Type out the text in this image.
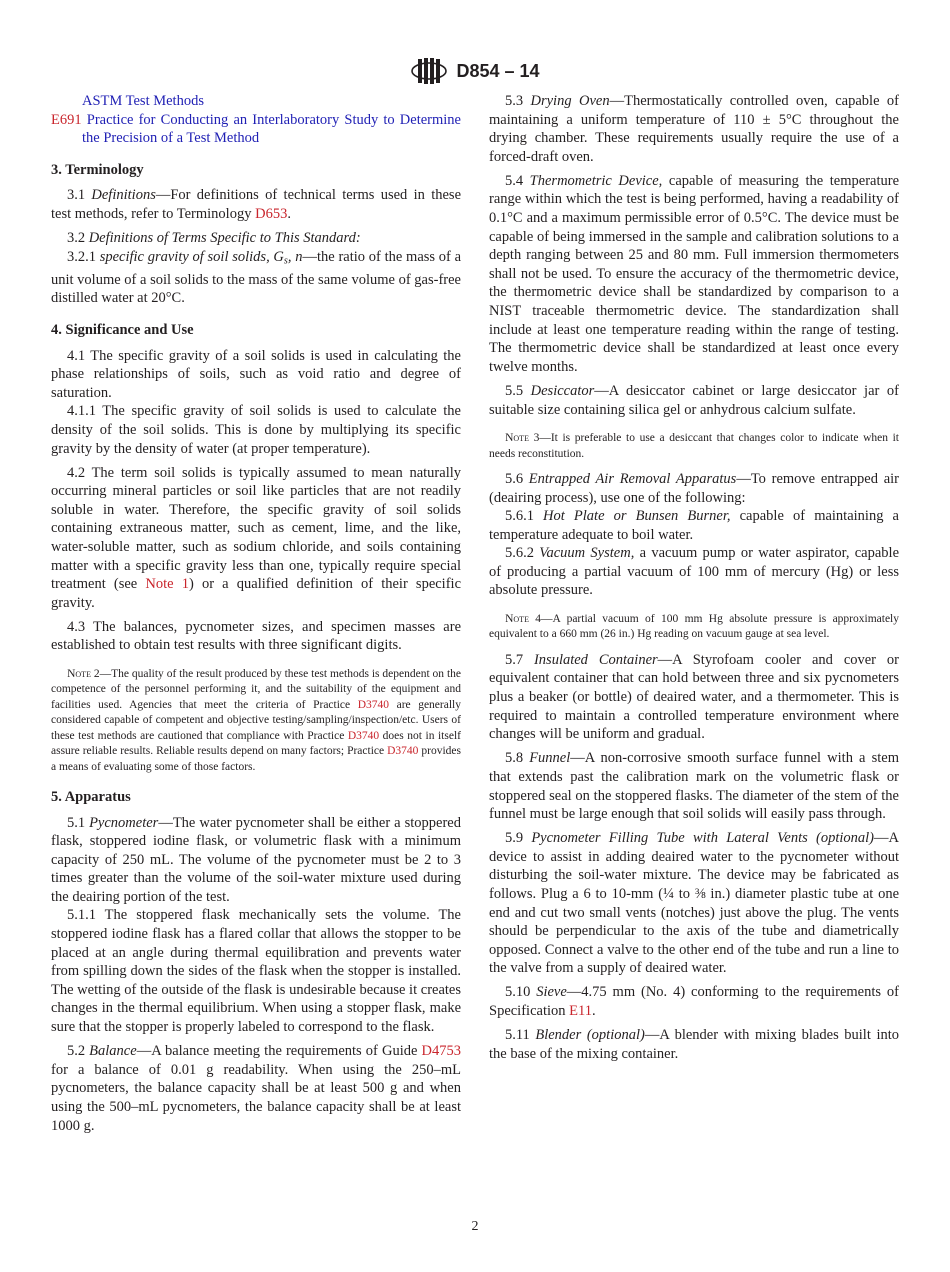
D854 – 14

ASTM Test Methods

E691 Practice for Conducting an Interlaboratory Study to Determine the Precision of a Test Method

3. Terminology

3.1 Definitions—For definitions of technical terms used in these test methods, refer to Terminology D653.

3.2 Definitions of Terms Specific to This Standard:

3.2.1 specific gravity of soil solids, Gs, n—the ratio of the mass of a unit volume of a soil solids to the mass of the same volume of gas-free distilled water at 20°C.

4. Significance and Use

4.1 The specific gravity of a soil solids is used in calculating the phase relationships of soils, such as void ratio and degree of saturation.

4.1.1 The specific gravity of soil solids is used to calculate the density of the soil solids. This is done by multiplying its specific gravity by the density of water (at proper temperature).

4.2 The term soil solids is typically assumed to mean naturally occurring mineral particles or soil like particles that are not readily soluble in water. Therefore, the specific gravity of soil solids containing extraneous matter, such as cement, lime, and the like, water-soluble matter, such as sodium chloride, and soils containing matter with a specific gravity less than one, typically require special treatment (see Note 1) or a qualified definition of their specific gravity.

4.3 The balances, pycnometer sizes, and specimen masses are established to obtain test results with three significant digits.

Note 2—The quality of the result produced by these test methods is dependent on the competence of the personnel performing it, and the suitability of the equipment and facilities used. Agencies that meet the criteria of Practice D3740 are generally considered capable of competent and objective testing/sampling/inspection/etc. Users of these test methods are cautioned that compliance with Practice D3740 does not in itself assure reliable results. Reliable results depend on many factors; Practice D3740 provides a means of evaluating some of those factors.

5. Apparatus

5.1 Pycnometer—The water pycnometer shall be either a stoppered flask, stoppered iodine flask, or volumetric flask with a minimum capacity of 250 mL. The volume of the pycnometer must be 2 to 3 times greater than the volume of the soil-water mixture used during the deairing portion of the test.

5.1.1 The stoppered flask mechanically sets the volume. The stoppered iodine flask has a flared collar that allows the stopper to be placed at an angle during thermal equilibration and prevents water from spilling down the sides of the flask when the stopper is installed. The wetting of the outside of the flask is undesirable because it creates changes in the thermal equilibrium. When using a stopper flask, make sure that the stopper is properly labeled to correspond to the flask.

5.2 Balance—A balance meeting the requirements of Guide D4753 for a balance of 0.01 g readability. When using the 250–mL pycnometers, the balance capacity shall be at least 500 g and when using the 500–mL pycnometers, the balance capacity shall be at least 1000 g.

5.3 Drying Oven—Thermostatically controlled oven, capable of maintaining a uniform temperature of 110 ± 5°C throughout the drying chamber. These requirements usually require the use of a forced-draft oven.

5.4 Thermometric Device, capable of measuring the temperature range within which the test is being performed, having a readability of 0.1°C and a maximum permissible error of 0.5°C. The device must be capable of being immersed in the sample and calibration solutions to a depth ranging between 25 and 80 mm. Full immersion thermometers shall not be used. To ensure the accuracy of the thermometric device, the thermometric device shall be standardized by comparison to a NIST traceable thermometric device. The standardization shall include at least one temperature reading within the range of testing. The thermometric device shall be standardized at least once every twelve months.

5.5 Desiccator—A desiccator cabinet or large desiccator jar of suitable size containing silica gel or anhydrous calcium sulfate.

Note 3—It is preferable to use a desiccant that changes color to indicate when it needs reconstitution.

5.6 Entrapped Air Removal Apparatus—To remove entrapped air (deairing process), use one of the following:

5.6.1 Hot Plate or Bunsen Burner, capable of maintaining a temperature adequate to boil water.

5.6.2 Vacuum System, a vacuum pump or water aspirator, capable of producing a partial vacuum of 100 mm of mercury (Hg) or less absolute pressure.

Note 4—A partial vacuum of 100 mm Hg absolute pressure is approximately equivalent to a 660 mm (26 in.) Hg reading on vacuum gauge at sea level.

5.7 Insulated Container—A Styrofoam cooler and cover or equivalent container that can hold between three and six pycnometers plus a beaker (or bottle) of deaired water, and a thermometer. This is required to maintain a controlled temperature environment where changes will be uniform and gradual.

5.8 Funnel—A non-corrosive smooth surface funnel with a stem that extends past the calibration mark on the volumetric flask or stoppered seal on the stoppered flasks. The diameter of the stem of the funnel must be large enough that soil solids will easily pass through.

5.9 Pycnometer Filling Tube with Lateral Vents (optional)—A device to assist in adding deaired water to the pycnometer without disturbing the soil-water mixture. The device may be fabricated as follows. Plug a 6 to 10-mm (¼ to ⅜ in.) diameter plastic tube at one end and cut two small vents (notches) just above the plug. The vents should be perpendicular to the axis of the tube and diametrically opposed. Connect a valve to the other end of the tube and run a line to the valve from a supply of deaired water.

5.10 Sieve—4.75 mm (No. 4) conforming to the requirements of Specification E11.

5.11 Blender (optional)—A blender with mixing blades built into the base of the mixing container.

2
